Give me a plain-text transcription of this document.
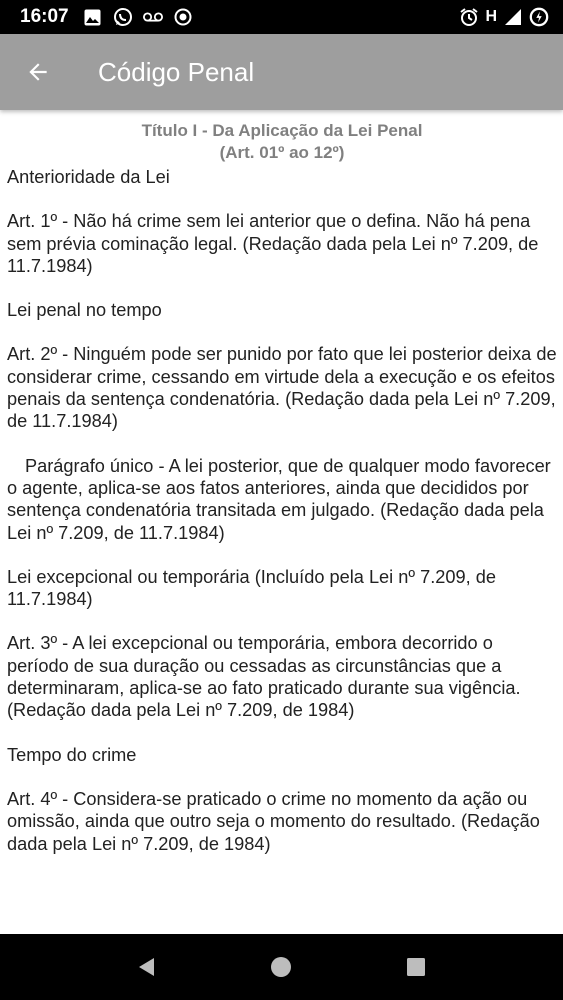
16:07	H
Código Penal
Título I - Da Aplicação da Lei Penal
(Art. 01º ao 12º)

Anterioridade da Lei

Art. 1º - Não há crime sem lei anterior que o defina. Não há pena sem prévia cominação legal. (Redação dada pela Lei nº 7.209, de 11.7.1984)

Lei penal no tempo

Art. 2º - Ninguém pode ser punido por fato que lei posterior deixa de considerar crime, cessando em virtude dela a execução e os efeitos penais da sentença condenatória. (Redação dada pela Lei nº 7.209, de 11.7.1984)

Parágrafo único - A lei posterior, que de qualquer modo favorecer o agente, aplica-se aos fatos anteriores, ainda que decididos por sentença condenatória transitada em julgado. (Redação dada pela Lei nº 7.209, de 11.7.1984)

Lei excepcional ou temporária (Incluído pela Lei nº 7.209, de 11.7.1984)

Art. 3º - A lei excepcional ou temporária, embora decorrido o período de sua duração ou cessadas as circunstâncias que a determinaram, aplica-se ao fato praticado durante sua vigência. (Redação dada pela Lei nº 7.209, de 1984)

Tempo do crime

Art. 4º - Considera-se praticado o crime no momento da ação ou omissão, ainda que outro seja o momento do resultado. (Redação dada pela Lei nº 7.209, de 1984)
